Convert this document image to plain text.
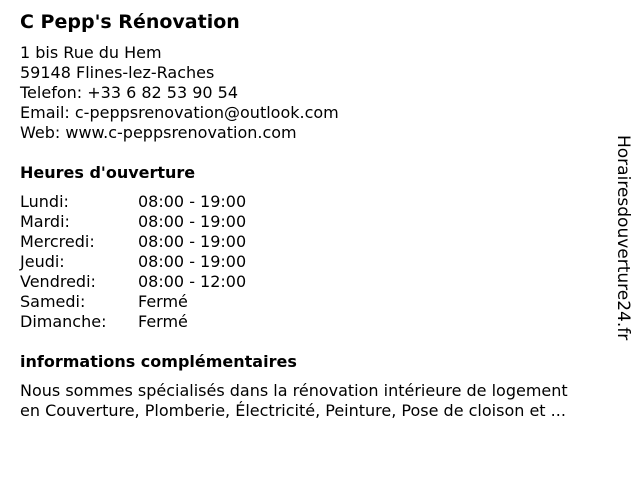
C Pepp's Rénovation
1 bis Rue du Hem
59148 Flines-lez-Raches
Telefon: +33 6 82 53 90 54
Email: c-peppsrenovation@outlook.com
Web: www.c-peppsrenovation.com
Heures d'ouverture
Lundi:	08:00 - 19:00
Mardi:	08:00 - 19:00
Mercredi:	08:00 - 19:00
Jeudi:	08:00 - 19:00
Vendredi:	08:00 - 12:00
Samedi:	Fermé
Dimanche:	Fermé
informations complémentaires
Nous sommes spécialisés dans la rénovation intérieure de logement
en Couverture, Plomberie, Électricité, Peinture, Pose de cloison et ...
Horairesdouverture24.fr
